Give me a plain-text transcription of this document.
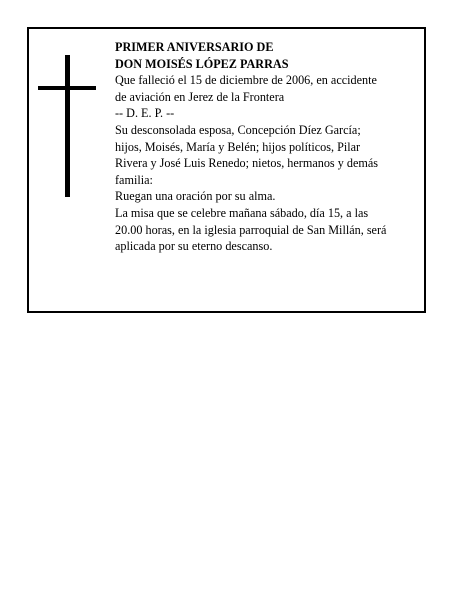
PRIMER ANIVERSARIO DE
DON MOISÉS LÓPEZ PARRAS
Que falleció el 15 de diciembre de 2006, en accidente
de aviación en Jerez de la Frontera
-- D. E. P. --
Su desconsolada esposa, Concepción Díez García;
hijos, Moisés, María y Belén; hijos políticos, Pilar
Rivera y José Luis Renedo; nietos, hermanos y demás
familia:
Ruegan una oración por su alma.
La misa que se celebre mañana sábado, día 15, a las
20.00 horas, en la iglesia parroquial de San Millán, será
aplicada por su eterno descanso.
